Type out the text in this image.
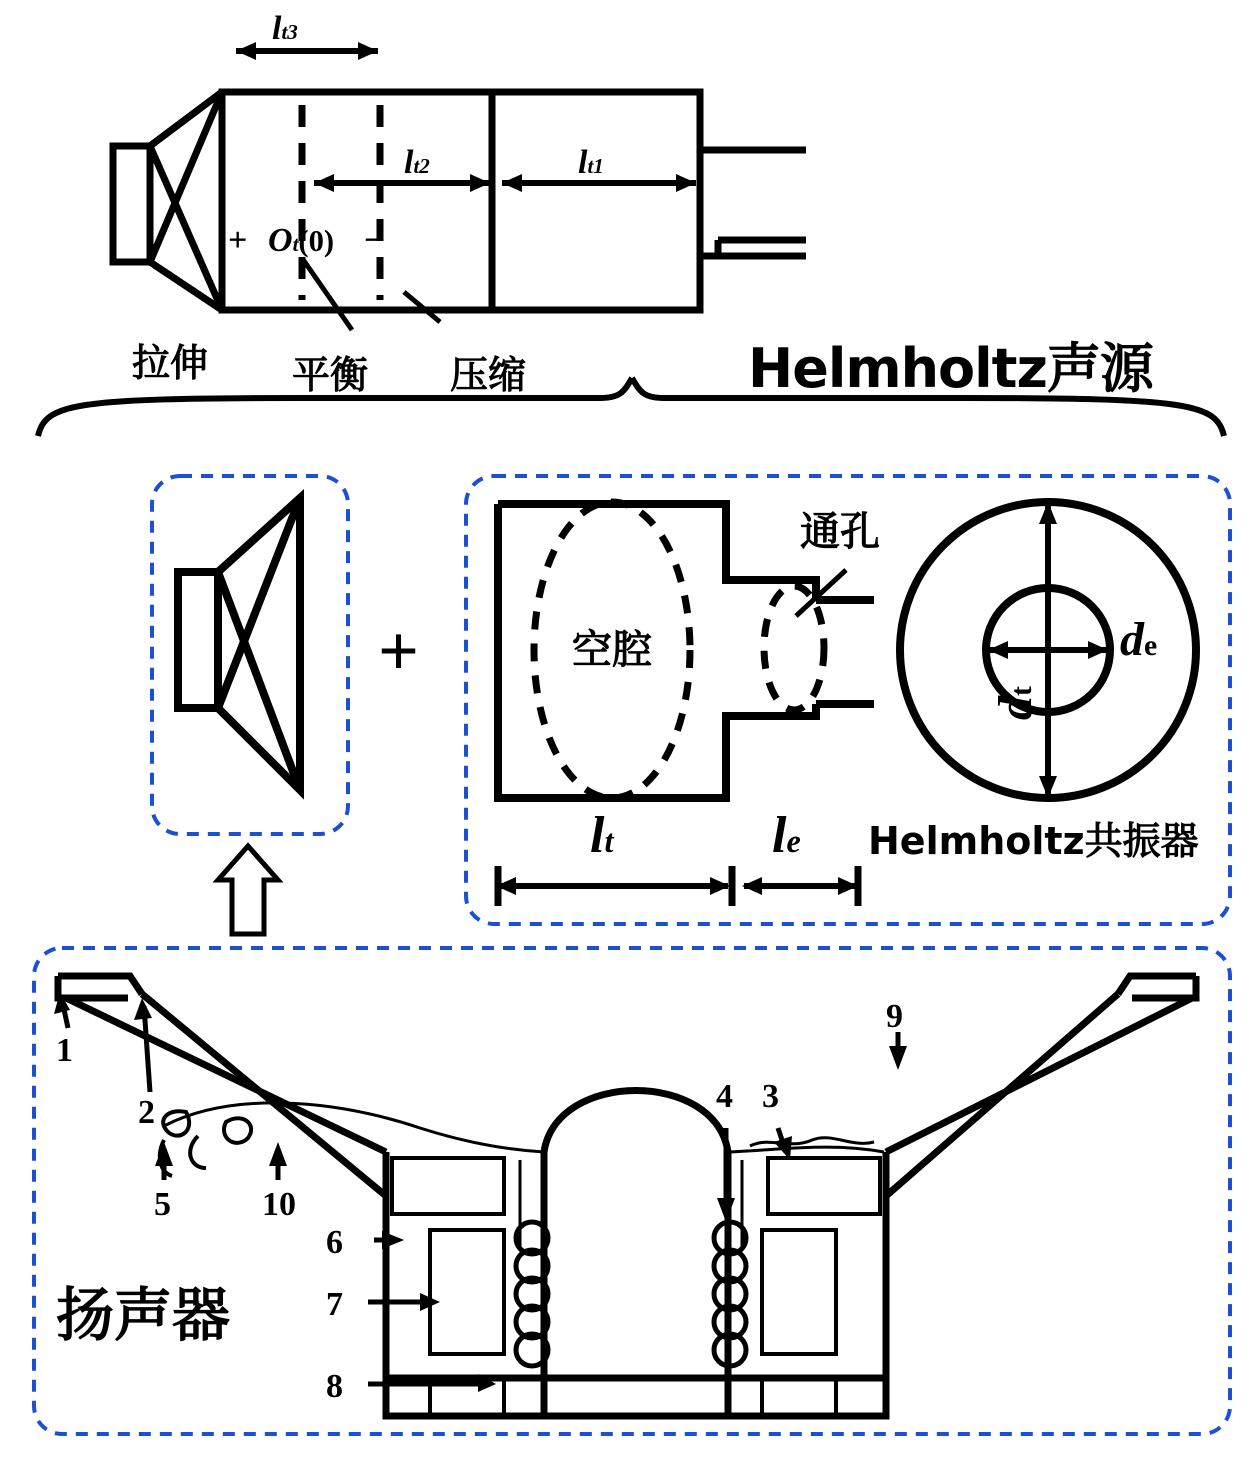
lt3
lt2	lt1
+ Ot(0) −
拉伸 平衡 压缩	Helmholtz声源
+	空腔
通孔
de
dt
lt	le Helmholtz共振器
扬声器
1
2	3
4
5
6
7
8
9
10
